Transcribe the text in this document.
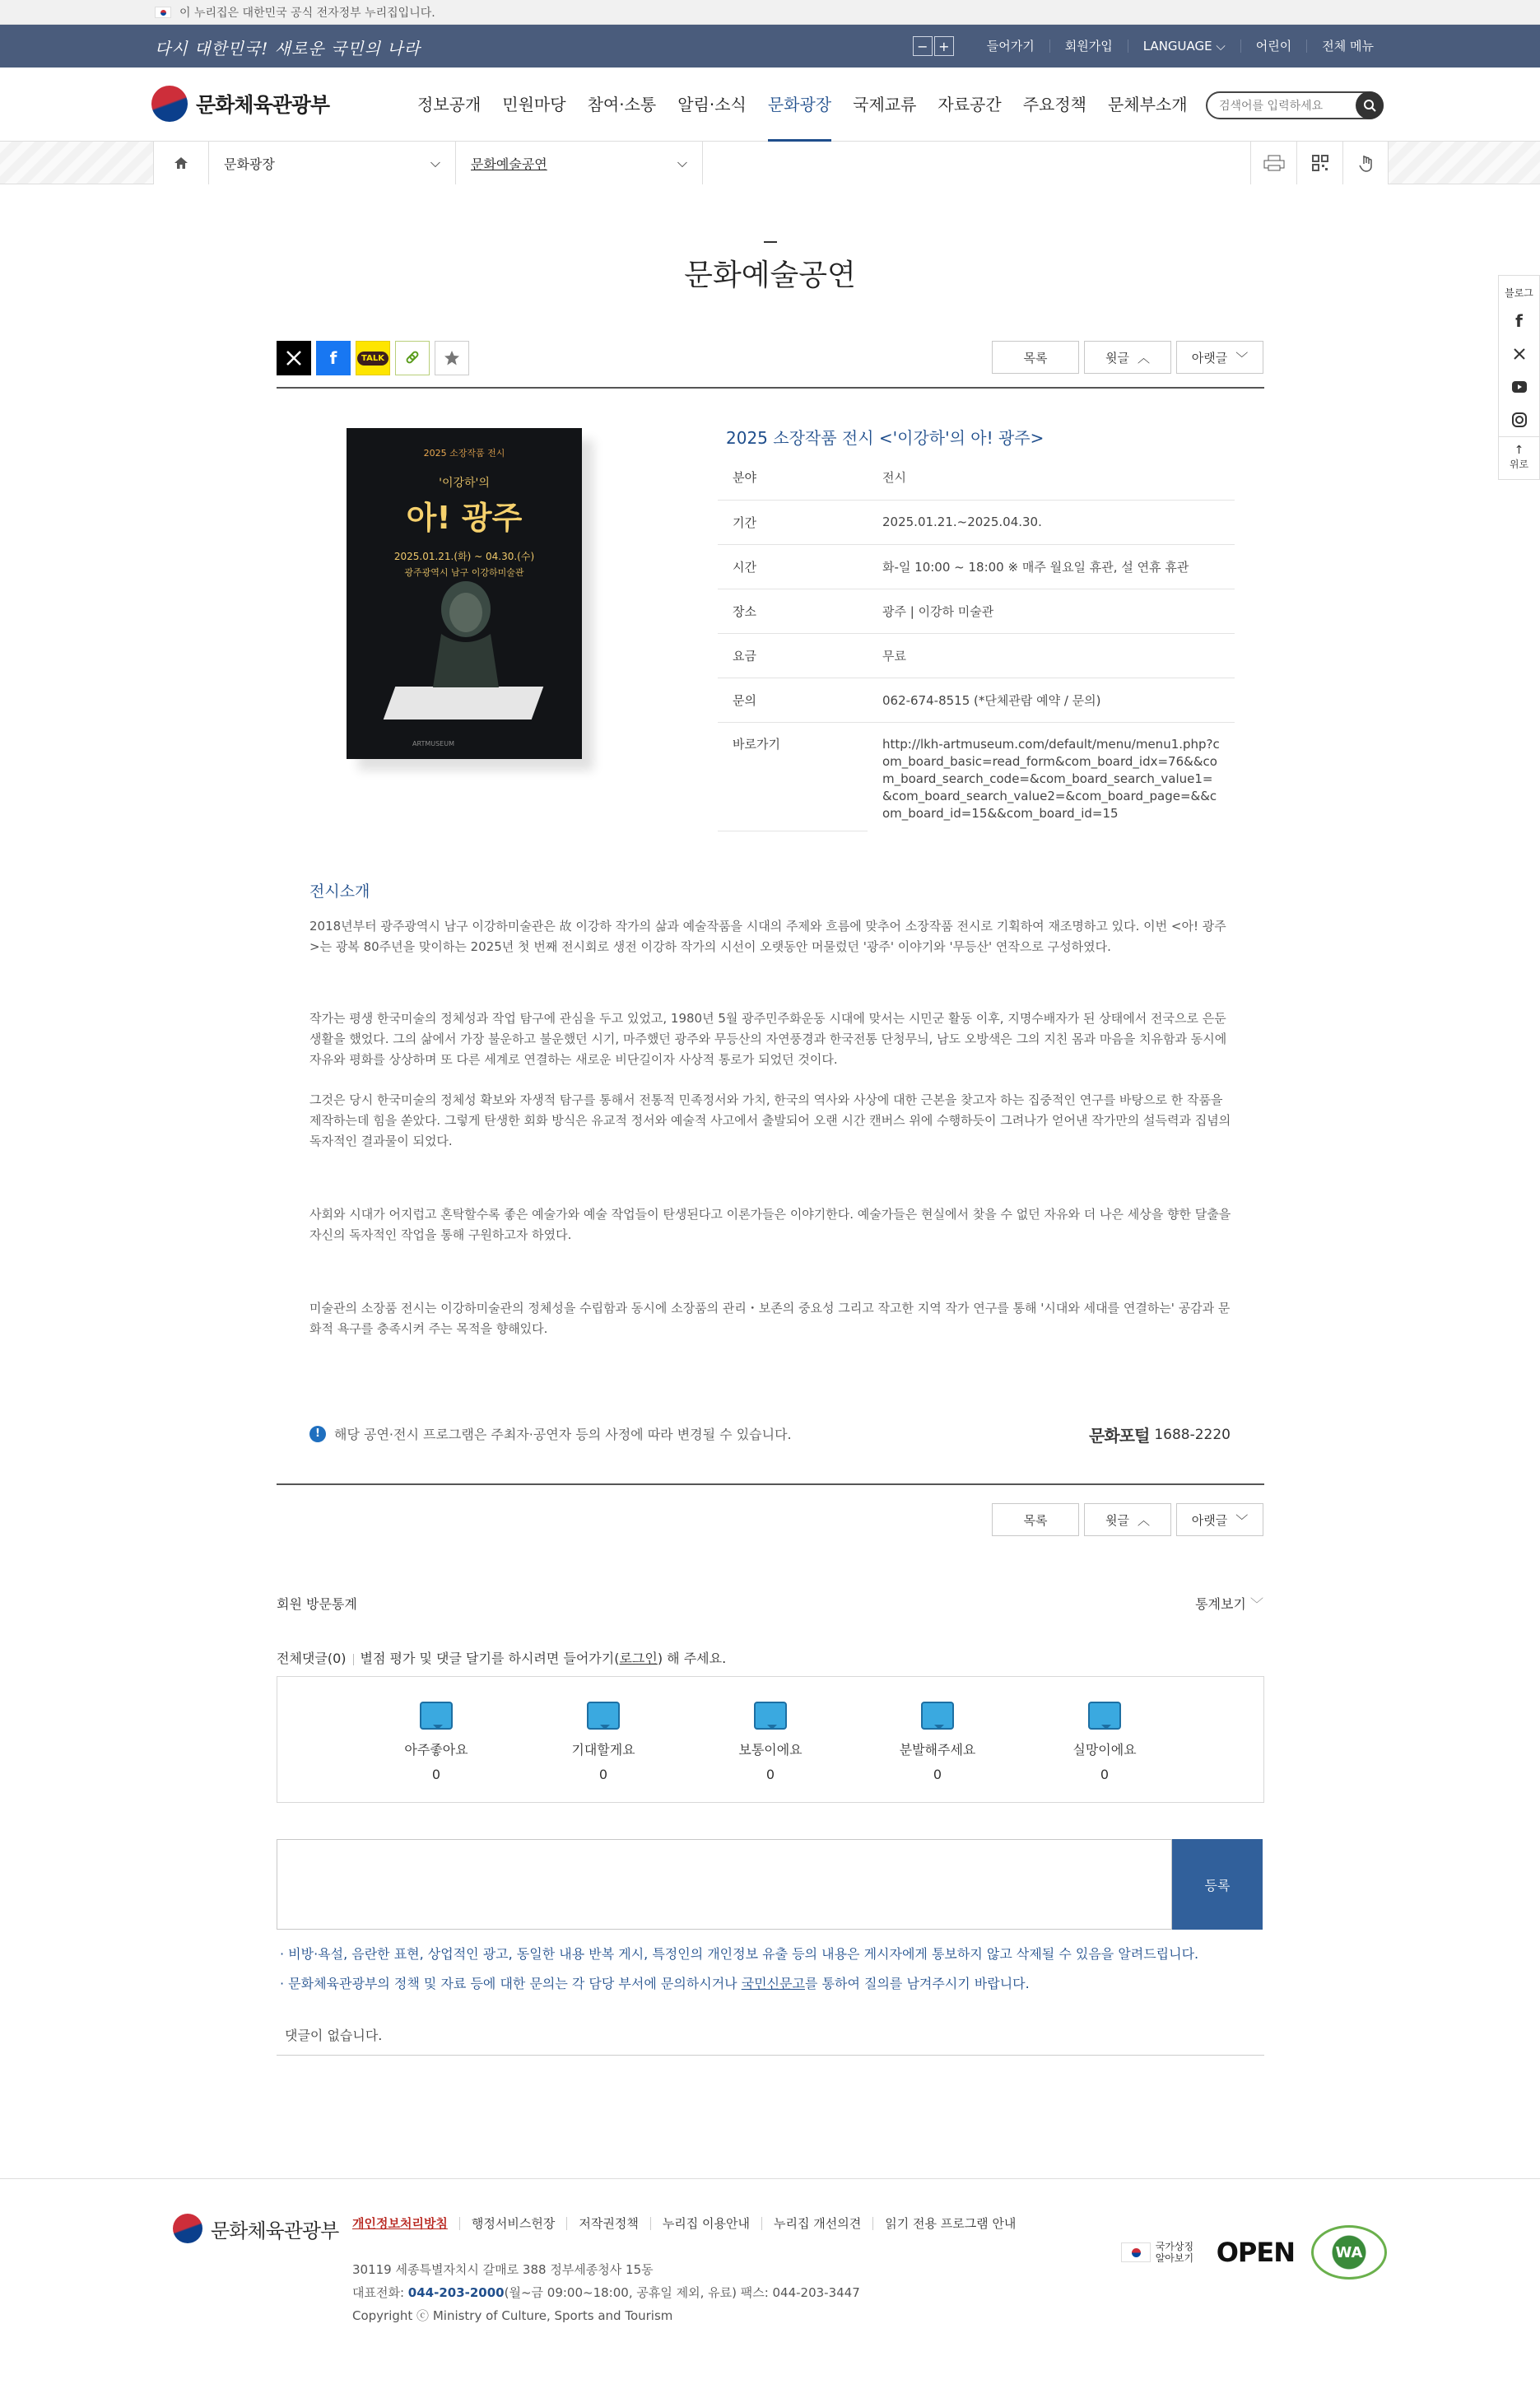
이 누리집은 대한민국 공식 전자정부 누리집입니다.
다시 대한민국! 새로운 국민의 나라	− +	들어가기	회원가입	LANGUAGE ⌵	어린이	전체 메뉴
문화체육관광부	정보공개	민원마당	참여·소통	알림·소식	문화광장	국제교류	자료공간	주요정책	문체부소개	검색어를 입력하세요
문화광장	⌵ 문화예술공연	⌵
문화예술공연
f	TALK	목록	윗글 ︿	아랫글 ﹀
블로그
f
↑
위로
2025 소장작품 전시
'이강하'의
아! 광주
2025.01.21.(화) ~ 04.30.(수)
광주광역시 남구 이강하미술관
ARTMUSEUM
2025 소장작품 전시 <'이강하'의 아! 광주>
분야	전시
기간	2025.01.21.~2025.04.30.
시간	화-일 10:00 ~ 18:00 ※ 매주 월요일 휴관, 설 연휴 휴관
장소	광주 | 이강하 미술관
요금	무료
문의	062-674-8515 (*단체관람 예약 / 문의)
바로가기	http://lkh-artmuseum.com/default/menu/menu1.php?com_board_basic=read_form&com_board_idx=76&&com_board_search_code=&com_board_search_value1=&com_board_search_value2=&com_board_page=&&com_board_id=15&&com_board_id=15
전시소개

2018년부터 광주광역시 남구 이강하미술관은 故 이강하 작가의 삶과 예술작품을 시대의 주제와 흐름에 맞추어 소장작품 전시로 기획하여 재조명하고 있다. 이번 <아! 광주>는 광복 80주년을 맞이하는 2025년 첫 번째 전시회로 생전 이강하 작가의 시선이 오랫동안 머물렀던 '광주' 이야기와 '무등산' 연작으로 구성하였다.

작가는 평생 한국미술의 정체성과 작업 탐구에 관심을 두고 있었고, 1980년 5월 광주민주화운동 시대에 맞서는 시민군 활동 이후, 지명수배자가 된 상태에서 전국으로 은둔생활을 했었다. 그의 삶에서 가장 불운하고 불운했던 시기, 마주했던 광주와 무등산의 자연풍경과 한국전통 단청무늬, 남도 오방색은 그의 지친 몸과 마음을 치유함과 동시에 자유와 평화를 상상하며 또 다른 세계로 연결하는 새로운 비단길이자 사상적 통로가 되었던 것이다.

그것은 당시 한국미술의 정체성 확보와 자생적 탐구를 통해서 전통적 민족정서와 가치, 한국의 역사와 사상에 대한 근본을 찾고자 하는 집중적인 연구를 바탕으로 한 작품을 제작하는데 힘을 쏟았다. 그렇게 탄생한 회화 방식은 유교적 정서와 예술적 사고에서 출발되어 오랜 시간 캔버스 위에 수행하듯이 그려나가 얻어낸 작가만의 설득력과 집념의 독자적인 결과물이 되었다.

사회와 시대가 어지럽고 혼탁할수록 좋은 예술가와 예술 작업들이 탄생된다고 이론가들은 이야기한다. 예술가들은 현실에서 찾을 수 없던 자유와 더 나은 세상을 향한 달출을 자신의 독자적인 작업을 통해 구원하고자 하였다.

미술관의 소장품 전시는 이강하미술관의 정체성을 수립함과 동시에 소장품의 관리・보존의 중요성 그리고 작고한 지역 작가 연구를 통해 '시대와 세대를 연결하는' 공감과 문화적 욕구를 충족시켜 주는 목적을 향해있다.

!	해당 공연·전시 프로그램은 주최자·공연자 등의 사정에 따라 변경될 수 있습니다.	문화포털 1688-2220
목록	윗글 ︿	아랫글 ﹀
회원 방문통계	통계보기 ﹀
전체댓글(0) 별점 평가 및 댓글 달기를 하시려면 들어가기(로그인) 해 주세요.
아주좋아요
0
기대할게요
0
보통이에요
0
분발해주세요
0
실망이에요
0
등록
· 비방·욕설, 음란한 표현, 상업적인 광고, 동일한 내용 반복 게시, 특정인의 개인정보 유출 등의 내용은 게시자에게 통보하지 않고 삭제될 수 있음을 알려드립니다.
· 문화체육관광부의 정책 및 자료 등에 대한 문의는 각 담당 부서에 문의하시거나 국민신문고를 통하여 질의를 남겨주시기 바랍니다.
댓글이 없습니다.
문화체육관광부 개인정보처리방침	행정서비스헌장	저작권정책	누리집 이용안내	누리집 개선의견	읽기 전용 프로그램 안내
30119 세종특별자치시 갈매로 388 정부세종청사 15동
대표전화: 044-203-2000(월~금 09:00~18:00, 공휴일 제외, 유료) 팩스: 044-203-3447
Copyright ⓒ Ministry of Culture, Sports and Tourism
국가상징 알아보기 OPEN	WA
